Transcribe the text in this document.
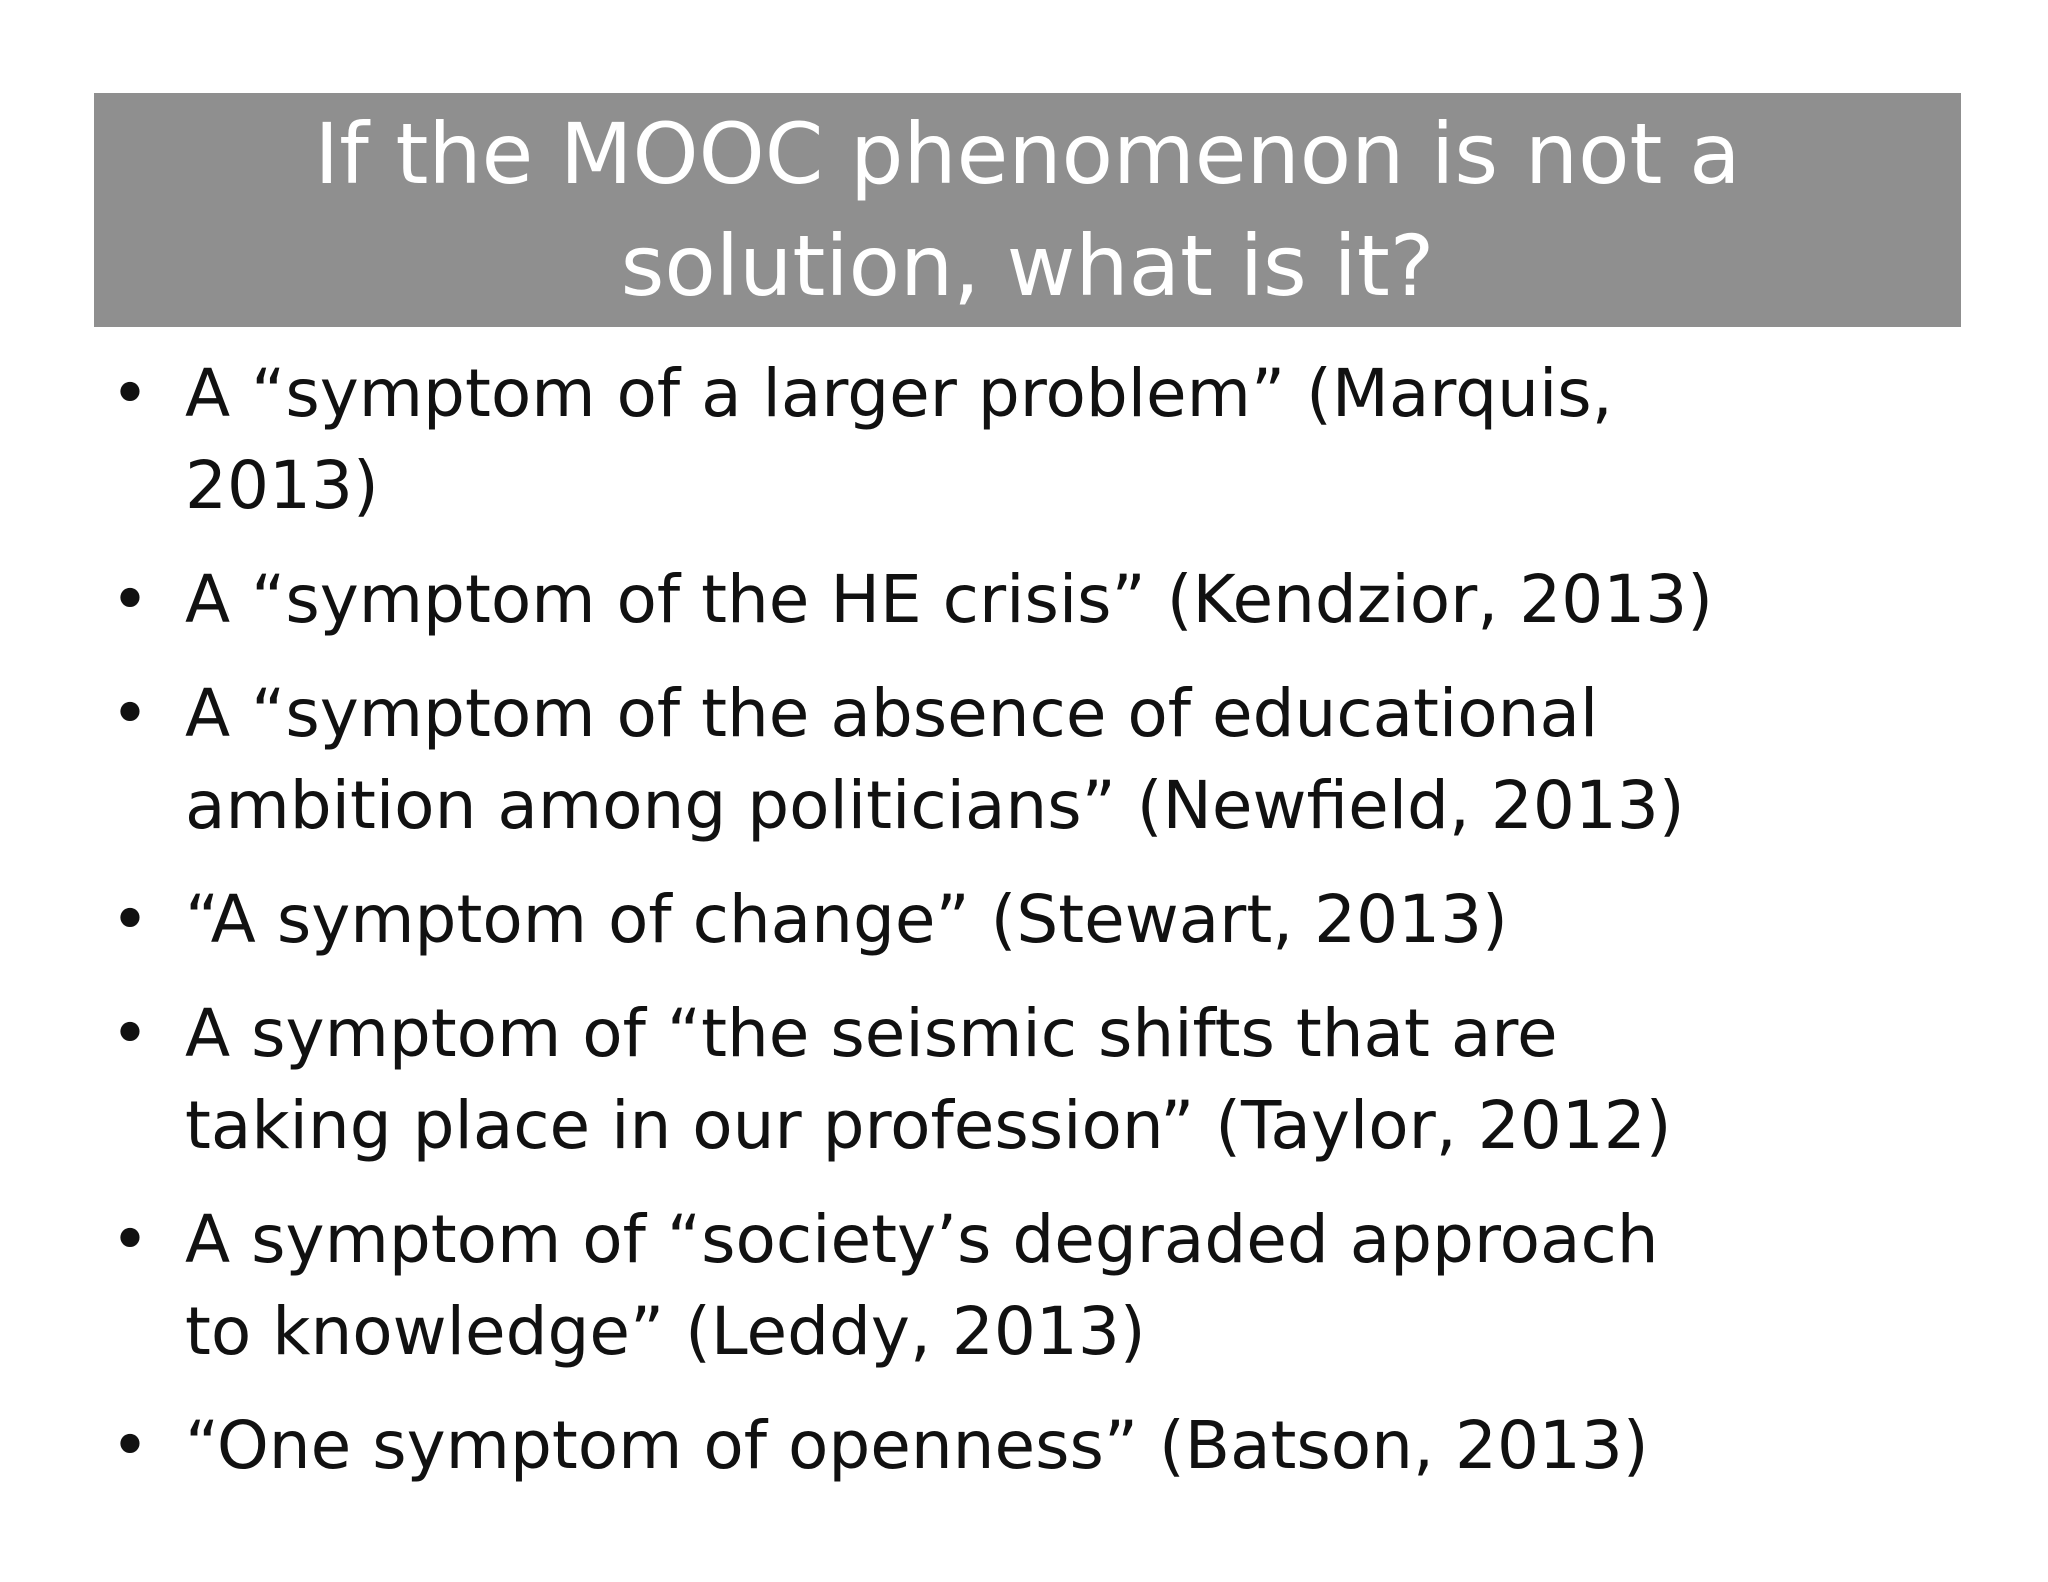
If the MOOC phenomenon is not a
solution, what is it?
• A “symptom of a larger problem” (Marquis,
2013)
• A “symptom of the HE crisis” (Kendzior, 2013)
• A “symptom of the absence of educational
ambition among politicians” (Newfield, 2013)
• “A symptom of change” (Stewart, 2013)
• A symptom of “the seismic shifts that are
taking place in our profession” (Taylor, 2012)
• A symptom of “society’s degraded approach
to knowledge” (Leddy, 2013)
• “One symptom of openness” (Batson, 2013)
